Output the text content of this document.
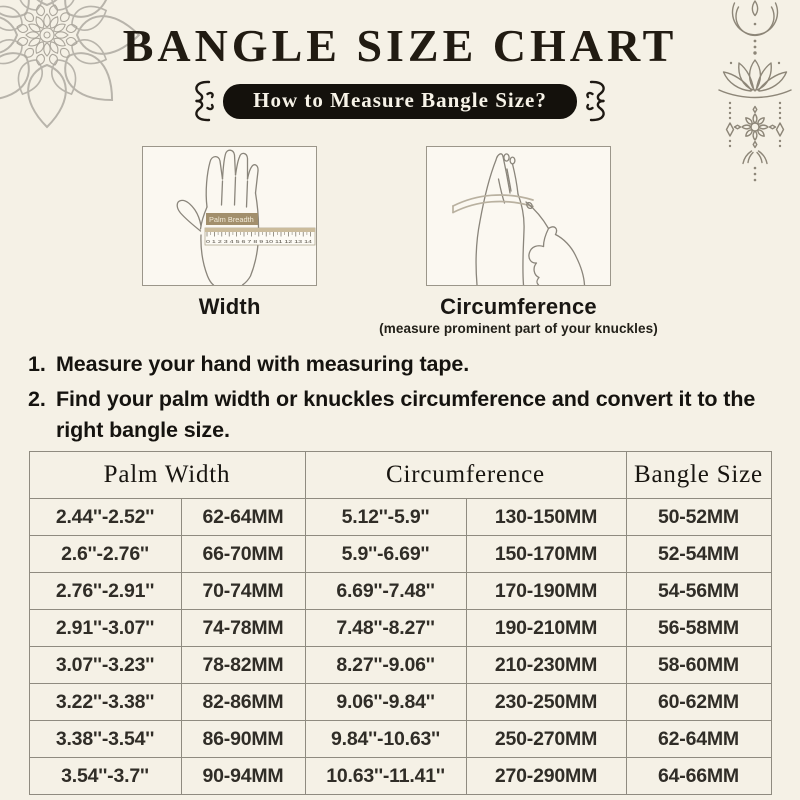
BANGLE SIZE CHART
How to Measure Bangle Size?
0 1 2 3 4 5 6 7 8 9 10 11 12 13 14
Palm Breadth
Width	Circumference
(measure prominent part of your knuckles)
1. Measure your hand with measuring tape.
2. Find your palm width or knuckles circumference and convert it to the right bangle size.
Palm Width		Circumference		Bangle Size
2.44''-2.52''	62-64MM	5.12''-5.9''	130-150MM	50-52MM
2.6''-2.76''	66-70MM	5.9''-6.69''	150-170MM	52-54MM
2.76''-2.91''	70-74MM	6.69''-7.48''	170-190MM	54-56MM
2.91''-3.07''	74-78MM	7.48''-8.27''	190-210MM	56-58MM
3.07''-3.23''	78-82MM	8.27''-9.06''	210-230MM	58-60MM
3.22''-3.38''	82-86MM	9.06''-9.84''	230-250MM	60-62MM
3.38''-3.54''	86-90MM	9.84''-10.63''	250-270MM	62-64MM
3.54''-3.7''	90-94MM	10.63''-11.41''	270-290MM	64-66MM
